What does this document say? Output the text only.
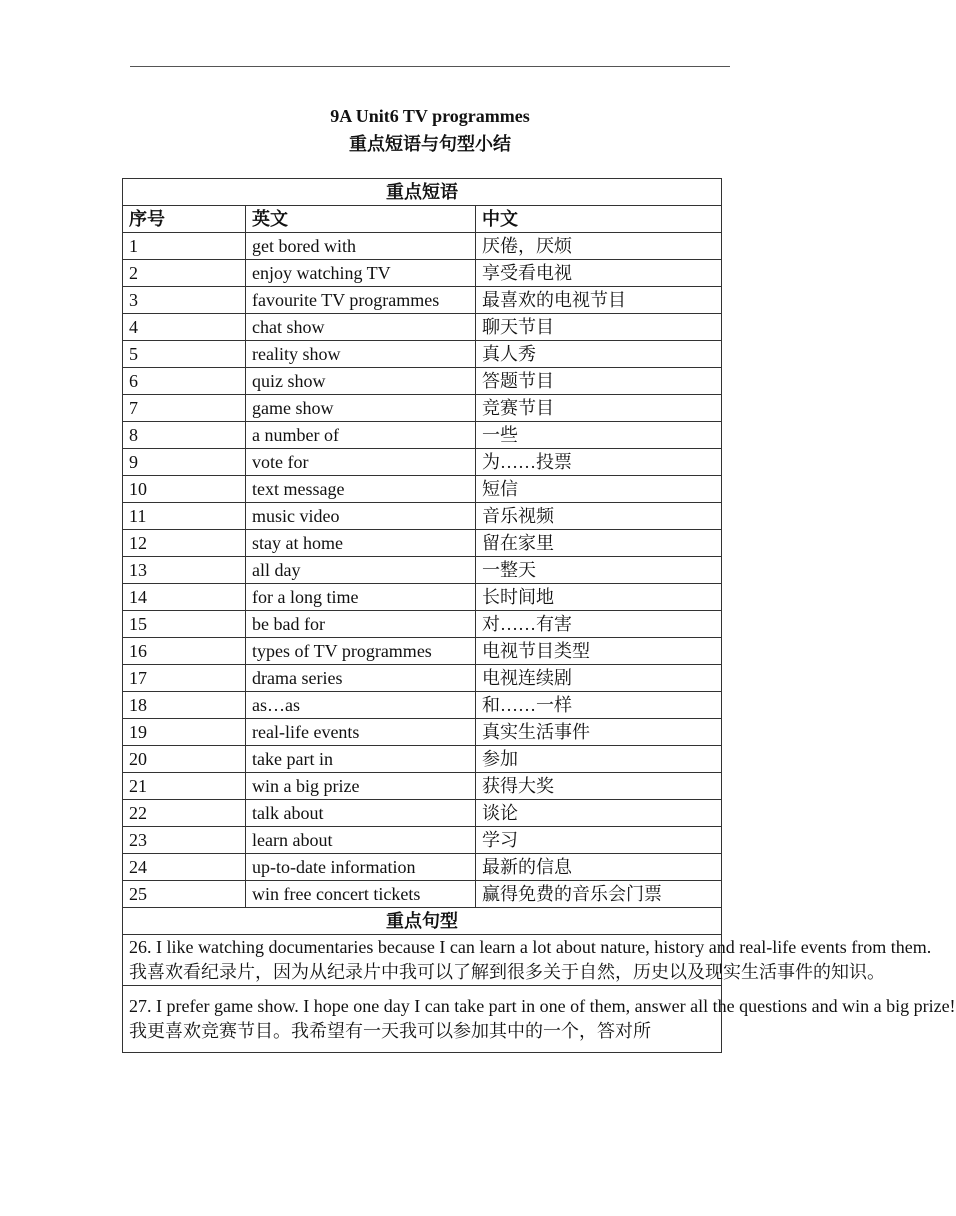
9A Unit6 TV programmes
重点短语与句型小结
重点短语		
序号	英文	中文
1	get bored with	厌倦，厌烦
2	enjoy watching TV	享受看电视
3	favourite TV programmes	最喜欢的电视节目
4	chat show	聊天节目
5	reality show	真人秀
6	quiz show	答题节目
7	game show	竞赛节目
8	a number of	一些
9	vote for	为……投票
10	text message	短信
11	music video	音乐视频
12	stay at home	留在家里
13	all day	一整天
14	for a long time	长时间地
15	be bad for	对……有害
16	types of TV programmes	电视节目类型
17	drama series	电视连续剧
18	as…as	和……一样
19	real-life events	真实生活事件
20	take part in	参加
21	win a big prize	获得大奖
22	talk about	谈论
23	learn about	学习
24	up-to-date information	最新的信息
25	win free concert tickets	赢得免费的音乐会门票
重点句型		

26. I like watching documentaries because I can learn a lot about nature, history and real-life events from them.

我喜欢看纪录片，因为从纪录片中我可以了解到很多关于自然，历史以及现实生活事件的知识。		

27. I prefer game show. I hope one day I can take part in one of them, answer all the questions and win a big prize!

我更喜欢竞赛节目。我希望有一天我可以参加其中的一个，答对所		
